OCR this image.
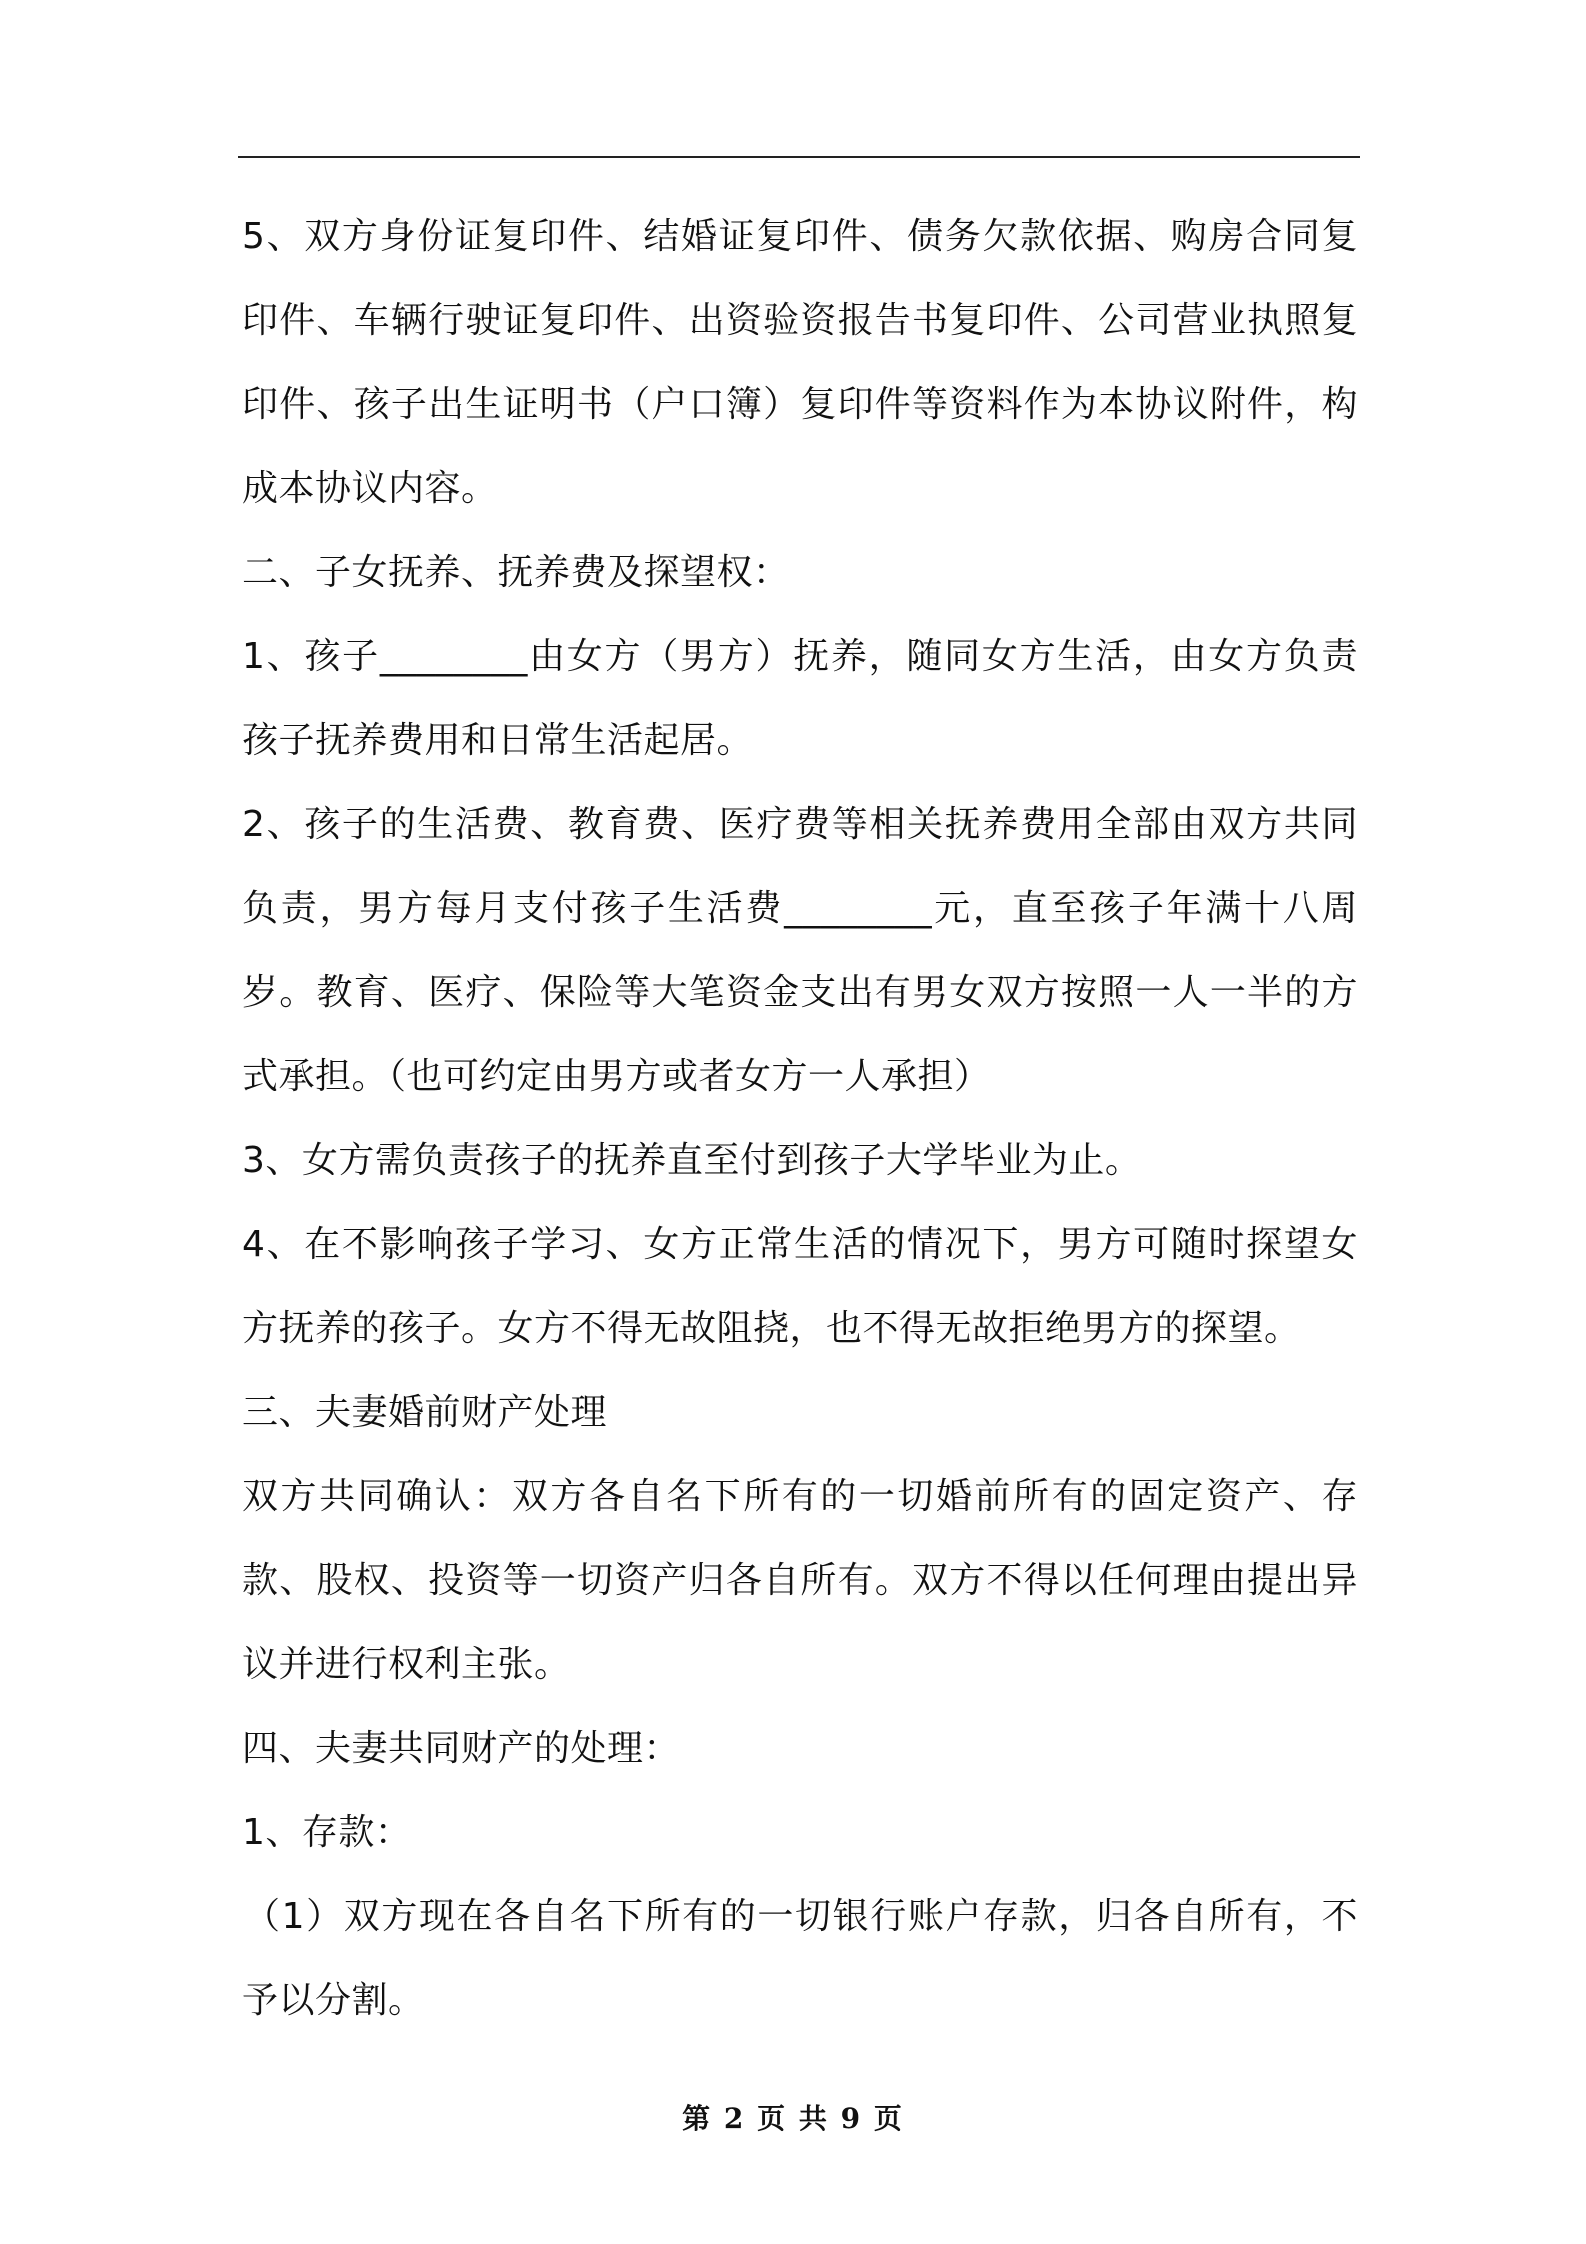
5、双方身份证复印件、结婚证复印件、债务欠款依据、购房合同复印件、车辆行驶证复印件、出资验资报告书复印件、公司营业执照复印件、孩子出生证明书（户口簿）复印件等资料作为本协议附件，构成本协议内容。

二、子女抚养、抚养费及探望权：

1、孩子________由女方（男方）抚养，随同女方生活，由女方负责孩子抚养费用和日常生活起居。

2、孩子的生活费、教育费、医疗费等相关抚养费用全部由双方共同负责，男方每月支付孩子生活费________元，直至孩子年满十八周岁。教育、医疗、保险等大笔资金支出有男女双方按照一人一半的方式承担。（也可约定由男方或者女方一人承担）

3、女方需负责孩子的抚养直至付到孩子大学毕业为止。

4、在不影响孩子学习、女方正常生活的情况下，男方可随时探望女方抚养的孩子。女方不得无故阻挠，也不得无故拒绝男方的探望。

三、夫妻婚前财产处理

双方共同确认：双方各自名下所有的一切婚前所有的固定资产、存款、股权、投资等一切资产归各自所有。双方不得以任何理由提出异议并进行权利主张。

四、夫妻共同财产的处理：

1、存款：

（1）双方现在各自名下所有的一切银行账户存款，归各自所有，不予以分割。

第 2 页 共 9 页
